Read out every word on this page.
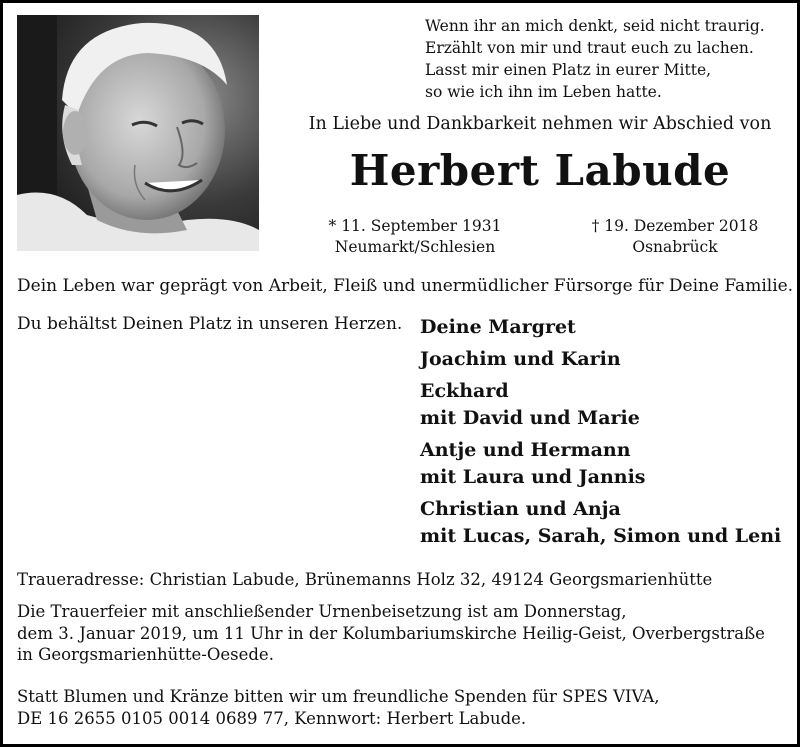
Wenn ihr an mich denkt, seid nicht traurig.
Erzählt von mir und traut euch zu lachen.
Lasst mir einen Platz in eurer Mitte,
so wie ich ihn im Leben hatte.
In Liebe und Dankbarkeit nehmen wir Abschied von
Herbert Labude
* 11. September 1931
Neumarkt/Schlesien
† 19. Dezember 2018
Osnabrück
Dein Leben war geprägt von Arbeit, Fleiß und unermüdlicher Fürsorge für Deine Familie.
Du behältst Deinen Platz in unseren Herzen. Deine Margret
Joachim und Karin
Eckhard
mit David und Marie
Antje und Hermann
mit Laura und Jannis
Christian und Anja
mit Lucas, Sarah, Simon und Leni
Traueradresse: Christian Labude, Brünemanns Holz 32, 49124 Georgsmarienhütte
Die Trauerfeier mit anschließender Urnenbeisetzung ist am Donnerstag,
dem 3. Januar 2019, um 11 Uhr in der Kolumbariumskirche Heilig-Geist, Overbergstraße
in Georgsmarienhütte-Oesede.
Statt Blumen und Kränze bitten wir um freundliche Spenden für SPES VIVA,
DE 16 2655 0105 0014 0689 77, Kennwort: Herbert Labude.
